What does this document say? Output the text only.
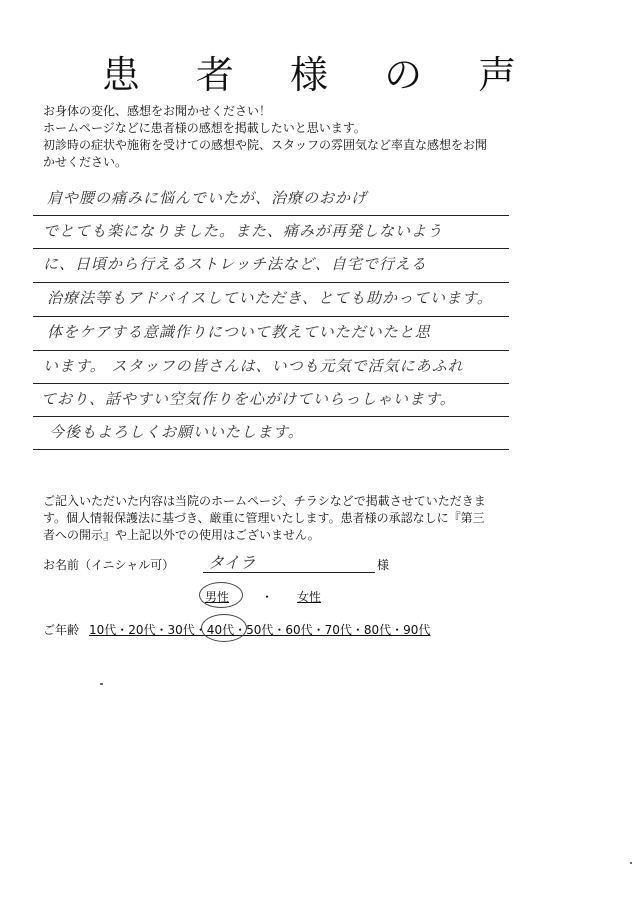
患 者 様 の 声
お身体の変化、感想をお聞かせください！
ホームページなどに患者様の感想を掲載したいと思います。
初診時の症状や施術を受けての感想や院、スタッフの雰囲気など率直な感想をお聞
かせください。
肩や腰の痛みに悩んでいたが、治療のおかげ
でとても楽になりました。また、痛みが再発しないよう
に、日頃から行えるストレッチ法など、自宅で行える
治療法等もアドバイスしていただき、とても助かっています。
体をケアする意識作りについて教えていただいたと思
います。 スタッフの皆さんは、いつも元気で活気にあふれ
ており、話やすい空気作りを心がけていらっしゃいます。
今後もよろしくお願いいたします。
ご記入いただいた内容は当院のホームページ、チラシなどで掲載させていただきま
す。個人情報保護法に基づき、厳重に管理いたします。患者様の承認なしに『第三
者への開示』や上記以外での使用はございません。
お名前（イニシャル可） タイラ	様
男性	・ 女性
ご年齢 10代・20代・30代・40代・50代・60代・70代・80代・90代
